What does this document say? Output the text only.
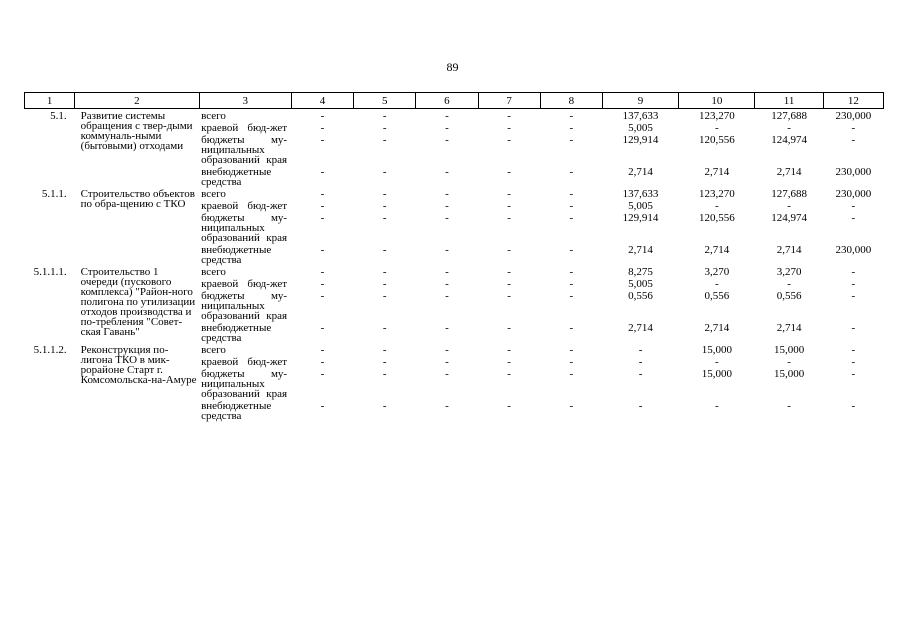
89
1	2	3	4	5	6	7	8	9	10	11	12
5.1.	Развитие системы обращения с твер-дыми коммуналь-ными (бытовыми) отходами	всего	-	-	-	-	-	137,633	123,270	127,688	230,000

		краевой бюд-жет	-	-	-	-	-	5,005	-	-	-

		бюджеты му-ниципальных образований края	-	-	-	-	-	129,914	120,556	124,974	-
		внебюджетные средства	-	-	-	-	-	2,714	2,714	2,714	230,000
5.1.1.	Строительство объектов по обра-щению с ТКО	всего	-	-	-	-	-	137,633	123,270	127,688	230,000

		краевой бюд-жет	-	-	-	-	-	5,005	-	-	-

		бюджеты му-ниципальных образований края	-	-	-	-	-	129,914	120,556	124,974	-
		внебюджетные средства	-	-	-	-	-	2,714	2,714	2,714	230,000
5.1.1.1.	Строительство 1 очереди (пускового комплекса) "Район-ного полигона по утилизации отходов производства и по-требления "Совет-ская Гавань"	всего	-	-	-	-	-	8,275	3,270	3,270	-

		краевой бюд-жет	-	-	-	-	-	5,005	-	-	-

		бюджеты му-ниципальных образований края	-	-	-	-	-	0,556	0,556	0,556	-
		внебюджетные средства	-	-	-	-	-	2,714	2,714	2,714	-
5.1.1.2.	Реконструкция по-лигона ТКО в мик-рорайоне Старт г. Комсомольска-на-Амуре	всего	-	-	-	-	-	-	15,000	15,000	-

		краевой бюд-жет	-	-	-	-	-	-	-	-	-

		бюджеты му-ниципальных образований края	-	-	-	-	-	-	15,000	15,000	-
		внебюджетные средства	-	-	-	-	-	-	-	-	-
